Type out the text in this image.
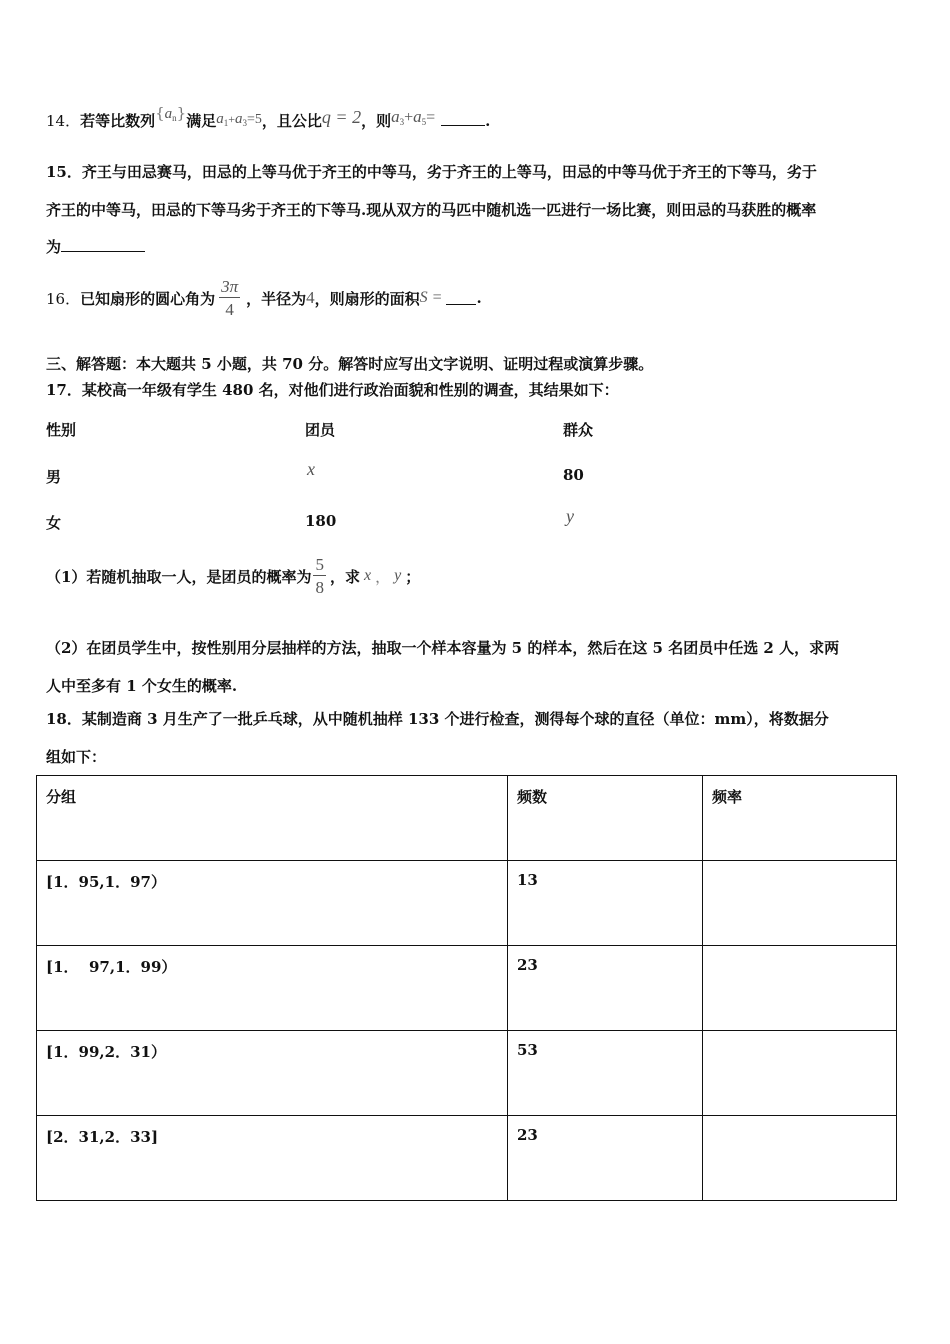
14．若等比数列$\{a_n\}$满足$a_1+a_3=5$，且公比q = 2，则$a_3+a_5=$	.
15．齐王与田忌赛马，田忌的上等马优于齐王的中等马，劣于齐王的上等马，田忌的中等马优于齐王的下等马，劣于
齐王的中等马，田忌的下等马劣于齐王的下等马.现从双方的马匹中随机选一匹进行一场比赛，则田忌的马获胜的概率
为
16． 已知扇形的圆心角为 $\frac{3\pi}{4}$ ，半径为 4 ，则扇形的面积 S = .
三、解答题：本大题共 5 小题，共 70 分。解答时应写出文字说明、证明过程或演算步骤。
17．某校高一年级有学生 480 名，对他们进行政治面貌和性别的调查，其结果如下：
性别	团员	群众
男	x	80
女	180	y
（1）若随机抽取一人，是团员的概率为 $\frac{5}{8}$ ，求 x ， y ；
（2）在团员学生中，按性别用分层抽样的方法，抽取一个样本容量为 5 的样本，然后在这 5 名团员中任选 2 人，求两
人中至多有 1 个女生的概率.
18．某制造商 3 月生产了一批乒乓球，从中随机抽样 133 个进行检查，测得每个球的直径（单位：mm），将数据分
组如下：
分组	频数	频率
[1．95,1．97）	13	
[1．  97,1．99）	23	
[1．99,2．31）	53	
[2．31,2．33]	23	
